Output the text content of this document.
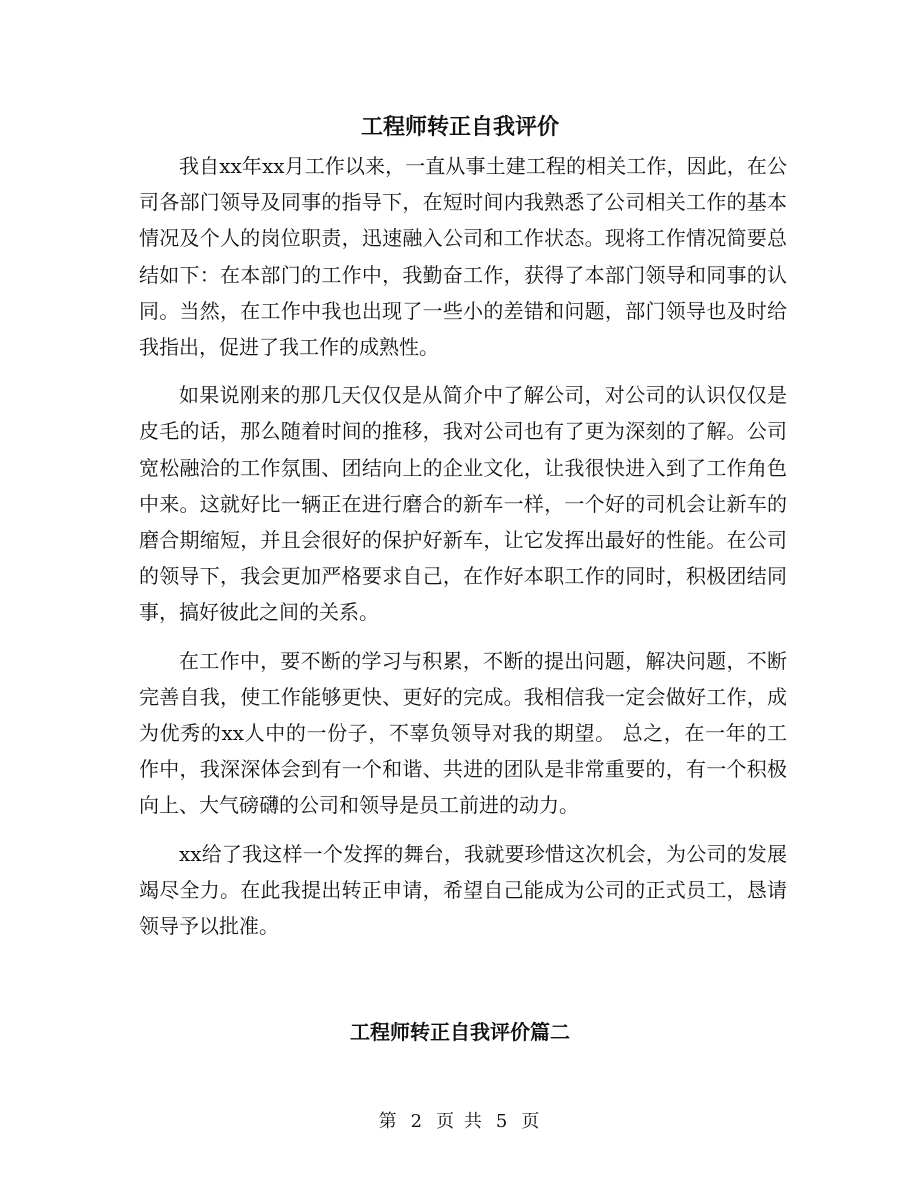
工程师转正自我评价

我自xx年xx月工作以来，一直从事土建工程的相关工作，因此，在公司各部门领导及同事的指导下，在短时间内我熟悉了公司相关工作的基本情况及个人的岗位职责，迅速融入公司和工作状态。现将工作情况简要总结如下：在本部门的工作中，我勤奋工作，获得了本部门领导和同事的认同。当然，在工作中我也出现了一些小的差错和问题，部门领导也及时给我指出，促进了我工作的成熟性。

如果说刚来的那几天仅仅是从简介中了解公司，对公司的认识仅仅是皮毛的话，那么随着时间的推移，我对公司也有了更为深刻的了解。公司宽松融洽的工作氛围、团结向上的企业文化，让我很快进入到了工作角色中来。这就好比一辆正在进行磨合的新车一样，一个好的司机会让新车的磨合期缩短，并且会很好的保护好新车，让它发挥出最好的性能。在公司的领导下，我会更加严格要求自己，在作好本职工作的同时，积极团结同事，搞好彼此之间的关系。

在工作中，要不断的学习与积累，不断的提出问题，解决问题，不断完善自我，使工作能够更快、更好的完成。我相信我一定会做好工作，成为优秀的xx人中的一份子，不辜负领导对我的期望。 总之，在一年的工作中，我深深体会到有一个和谐、共进的团队是非常重要的，有一个积极向上、大气磅礴的公司和领导是员工前进的动力。

xx给了我这样一个发挥的舞台，我就要珍惜这次机会，为公司的发展竭尽全力。在此我提出转正申请，希望自己能成为公司的正式员工，恳请领导予以批准。

工程师转正自我评价篇二
第 2 页 共 5 页
